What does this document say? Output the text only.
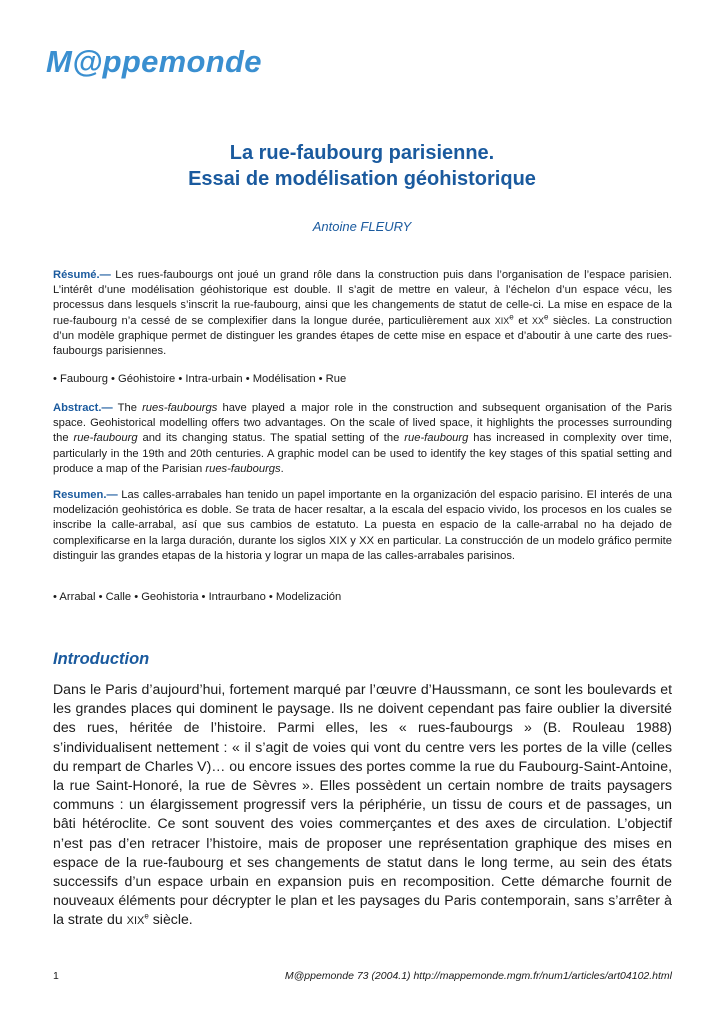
M@ppemonde
La rue-faubourg parisienne.
Essai de modélisation géohistorique
Antoine FLEURY
Résumé.— Les rues-faubourgs ont joué un grand rôle dans la construction puis dans l’organisation de l’espace parisien. L’intérêt d’une modélisation géohistorique est double. Il s’agit de mettre en valeur, à l’échelon d’un espace vécu, les processus dans lesquels s’inscrit la rue-faubourg, ainsi que les changements de statut de celle-ci. La mise en espace de la rue-faubourg n’a cessé de se complexifier dans la longue durée, particulièrement aux XIXe et XXe siècles. La construction d’un modèle graphique permet de distinguer les grandes étapes de cette mise en espace et d’aboutir à une carte des rues-faubourgs parisiennes.
• Faubourg • Géohistoire • Intra-urbain • Modélisation • Rue
Abstract.— The rues-faubourgs have played a major role in the construction and subsequent organisation of the Paris space. Geohistorical modelling offers two advantages. On the scale of lived space, it highlights the processes surrounding the rue-faubourg and its changing status. The spatial setting of the rue-faubourg has increased in complexity over time, particularly in the 19th and 20th centuries. A graphic model can be used to identify the key stages of this spatial setting and produce a map of the Parisian rues-faubourgs.
Resumen.— Las calles-arrabales han tenido un papel importante en la organización del espacio parisino. El interés de una modelización geohistórica es doble. Se trata de hacer resaltar, a la escala del espacio vivido, los procesos en los cuales se inscribe la calle-arrabal, así que sus cambios de estatuto. La puesta en espacio de la calle-arrabal no ha dejado de complexificarse en la larga duración, durante los siglos XIX y XX en particular. La construcción de un modelo gráfico permite distinguir las grandes etapas de la historia y lograr un mapa de las calles-arrabales parisinos.
• Arrabal • Calle • Geohistoria • Intraurbano • Modelización
Introduction
Dans le Paris d’aujourd’hui, fortement marqué par l’œuvre d’Haussmann, ce sont les boulevards et les grandes places qui dominent le paysage. Ils ne doivent cependant pas faire oublier la diversité des rues, héritée de l’histoire. Parmi elles, les « rues-faubourgs » (B. Rouleau 1988) s’individualisent nettement : « il s’agit de voies qui vont du centre vers les portes de la ville (celles du rempart de Charles V)… ou encore issues des portes comme la rue du Faubourg-Saint-Antoine, la rue Saint-Honoré, la rue de Sèvres ». Elles possèdent un certain nombre de traits paysagers communs : un élargissement progressif vers la périphérie, un tissu de cours et de passages, un bâti hétéroclite. Ce sont souvent des voies commerçantes et des axes de circulation. L’objectif n’est pas d’en retracer l’histoire, mais de proposer une représentation graphique des mises en espace de la rue-faubourg et ses changements de statut dans le long terme, au sein des états successifs d’un espace urbain en expansion puis en recomposition. Cette démarche fournit de nouveaux éléments pour décrypter le plan et les paysages du Paris contemporain, sans s’arrêter à la strate du XIXe siècle.
1	M@ppemonde 73 (2004.1) http://mappemonde.mgm.fr/num1/articles/art04102.html
